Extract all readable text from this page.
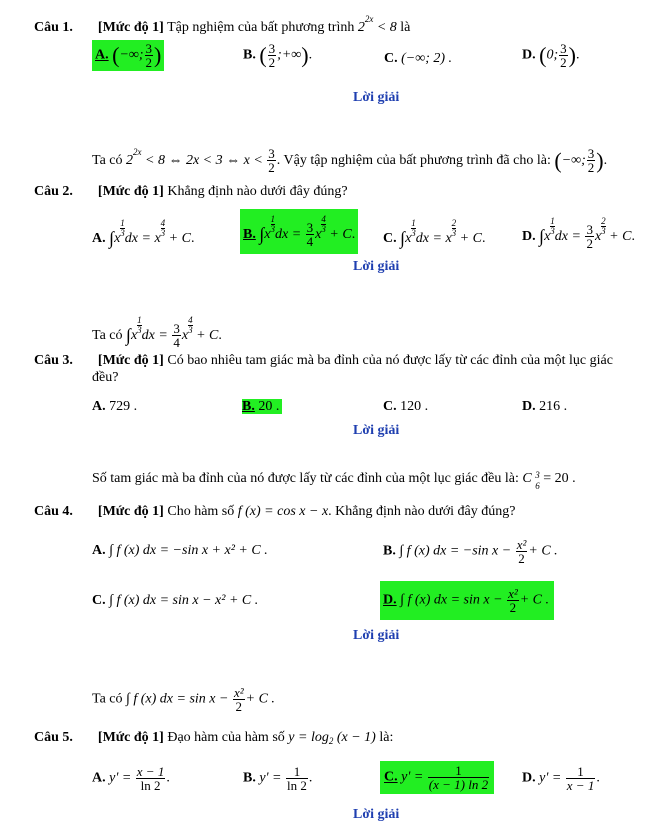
Câu 1. [Mức độ 1] Tập nghiệm của bất phương trình $2^{2x} < 8$ là
A. (−∞; $\frac{3}{2}$ )	B. ( $\frac{3}{2}$ ;+∞).	C. (−∞; 2) .	D. (0; $\frac{3}{2}$ ).
Lời giải
Ta có $2^{2x} < 8$ ⇔ 2x < 3 ⇔ $x < \frac{3}{2}$ . Vậy tập nghiệm của bất phương trình đã cho là: (−∞; $\frac{3}{2}$ ).
Câu 2. [Mức độ 1] Khẳng định nào dưới đây đúng?
A. ∫x
$\frac{1}{3}$
dx = x
$\frac{4}{3}$
+ C.	B. ∫x
$\frac{1}{3}$
dx = $\frac{3}{4}$ x
$\frac{4}{3}$
+ C. C. ∫x
$\frac{1}{3}$
dx = x
$\frac{2}{3}$
+ C.	D. ∫x
$\frac{1}{3}$
dx = $\frac{3}{2}$ x
$\frac{2}{3}$
+ C.
Lời giải
Ta có ∫x
$\frac{1}{3}$
dx = $\frac{3}{4}$ x
$\frac{4}{3}$
+ C.
Câu 3. [Mức độ 1] Có bao nhiêu tam giác mà ba đỉnh của nó được lấy từ các đỉnh của một lục giác
đều?
A. 729 .	B. 20 .	C. 120 .	D. 216 .
Lời giải
Số tam giác mà ba đỉnh của nó được lấy từ các đỉnh của một lục giác đều là: C 3
6 = 20 .
Câu 4. [Mức độ 1] Cho hàm số f (x) = cos x − x. Khẳng định nào dưới đây đúng?
A. ∫ f (x) dx = −sin x + x² + C .	B. ∫ f (x) dx = −sin $x - \frac{\text{x²}}{2} + C$ .
C. ∫ f (x) dx = sin x − x² + C .	D. ∫ f (x) dx = $\sin x - \frac{\text{x²}}{2} + C$ .
Lời giải
Ta có ∫ f (x) dx = $\sin x - \frac{\text{x²}}{2} + C$ .
Câu 5. [Mức độ 1] Đạo hàm của hàm số $y = \log_2 (x - 1)$ là:
A. $y' = \frac{x - 1}{\ln 2}$ .	B. $y' = \frac{1}{\ln 2}$ .	C. $y' = \frac{1}{(x - 1) \ln 2} D$. $y' = \frac{1}{x - 1}$ .
Lời giải
